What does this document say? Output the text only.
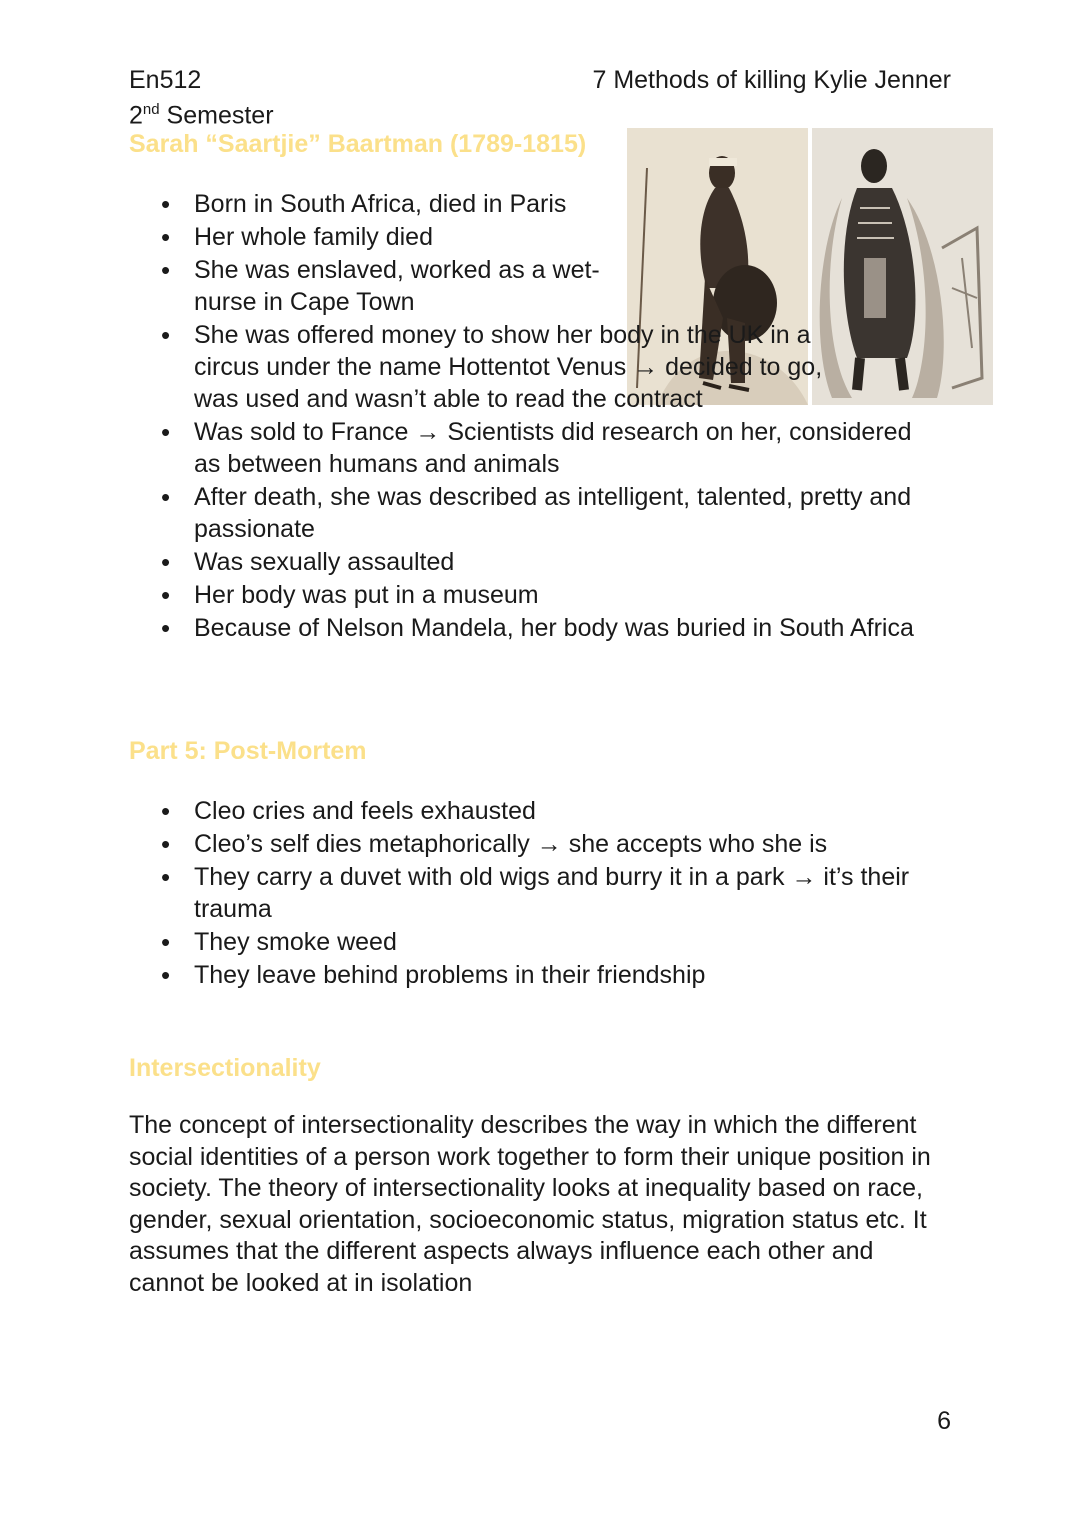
En512
2nd Semester
7 Methods of killing Kylie Jenner
Sarah “Saartjie” Baartman (1789-1815)
• Born in South Africa, died in Paris
• Her whole family died
• She was enslaved, worked as a wet-nurse in Cape Town
• She was offered money to show her body in the UK in a circus under the name Hottentot Venus → decided to go, was used and wasn’t able to read the contract
• Was sold to France → Scientists did research on her, considered as between humans and animals
• After death, she was described as intelligent, talented, pretty and passionate
• Was sexually assaulted
• Her body was put in a museum
• Because of Nelson Mandela, her body was buried in South Africa
Part 5: Post-Mortem
• Cleo cries and feels exhausted
• Cleo’s self dies metaphorically → she accepts who she is
• They carry a duvet with old wigs and burry it in a park → it’s their trauma
• They smoke weed
• They leave behind problems in their friendship
Intersectionality
The concept of intersectionality describes the way in which the different social identities of a person work together to form their unique position in society. The theory of intersectionality looks at inequality based on race, gender, sexual orientation, socioeconomic status, migration status etc. It assumes that the different aspects always influence each other and cannot be looked at in isolation
6
